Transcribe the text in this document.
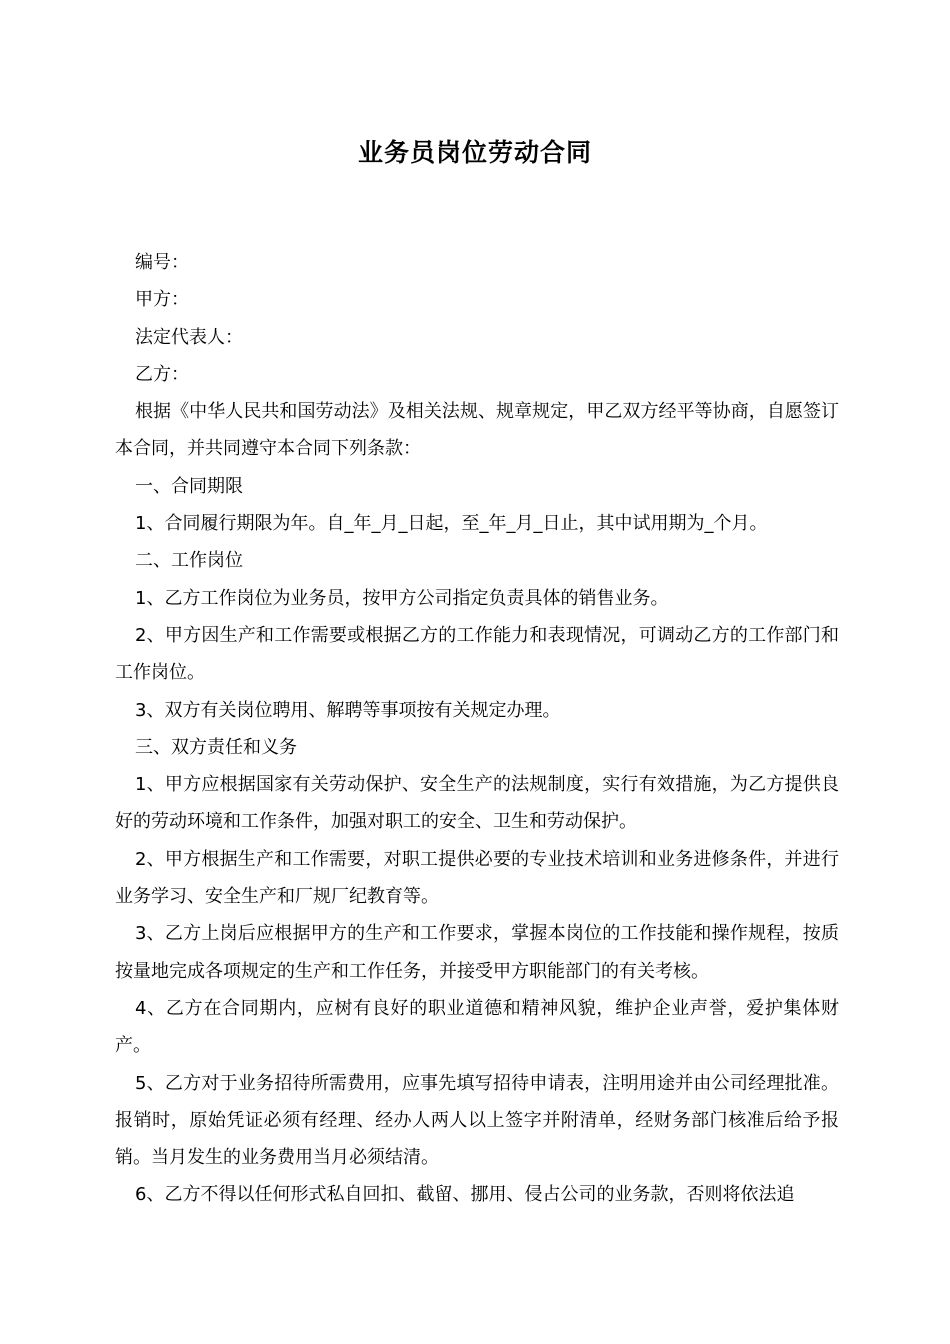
业务员岗位劳动合同

编号：

甲方：

法定代表人：

乙方：

根据《中华人民共和国劳动法》及相关法规、规章规定，甲乙双方经平等协商，自愿签订本合同，并共同遵守本合同下列条款：

一、合同期限

1、合同履行期限为年。自_年_月_日起，至_年_月_日止，其中试用期为_个月。

二、工作岗位

1、乙方工作岗位为业务员，按甲方公司指定负责具体的销售业务。

2、甲方因生产和工作需要或根据乙方的工作能力和表现情况，可调动乙方的工作部门和工作岗位。

3、双方有关岗位聘用、解聘等事项按有关规定办理。

三、双方责任和义务

1、甲方应根据国家有关劳动保护、安全生产的法规制度，实行有效措施，为乙方提供良好的劳动环境和工作条件，加强对职工的安全、卫生和劳动保护。

2、甲方根据生产和工作需要，对职工提供必要的专业技术培训和业务进修条件，并进行业务学习、安全生产和厂规厂纪教育等。

3、乙方上岗后应根据甲方的生产和工作要求，掌握本岗位的工作技能和操作规程，按质按量地完成各项规定的生产和工作任务，并接受甲方职能部门的有关考核。

4、乙方在合同期内，应树有良好的职业道德和精神风貌，维护企业声誉，爱护集体财产。

5、乙方对于业务招待所需费用，应事先填写招待申请表，注明用途并由公司经理批准。报销时，原始凭证必须有经理、经办人两人以上签字并附清单，经财务部门核准后给予报销。当月发生的业务费用当月必须结清。

6、乙方不得以任何形式私自回扣、截留、挪用、侵占公司的业务款，否则将依法追
